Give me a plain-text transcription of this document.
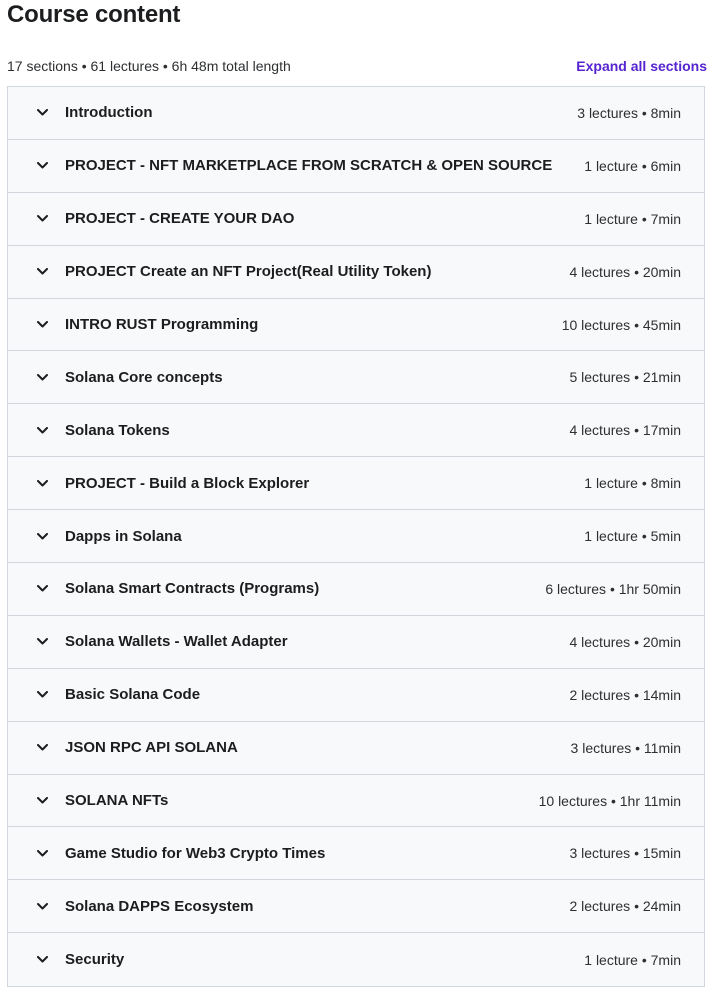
Course content
17 sections • 61 lectures • 6h 48m total length	Expand all sections
Introduction	3 lectures • 8min
PROJECT - NFT MARKETPLACE FROM SCRATCH & OPEN SOURCE	1 lecture • 6min
PROJECT - CREATE YOUR DAO	1 lecture • 7min
PROJECT Create an NFT Project(Real Utility Token)	4 lectures • 20min
INTRO RUST Programming	10 lectures • 45min
Solana Core concepts	5 lectures • 21min
Solana Tokens	4 lectures • 17min
PROJECT - Build a Block Explorer	1 lecture • 8min
Dapps in Solana	1 lecture • 5min
Solana Smart Contracts (Programs)	6 lectures • 1hr 50min
Solana Wallets - Wallet Adapter	4 lectures • 20min
Basic Solana Code	2 lectures • 14min
JSON RPC API SOLANA	3 lectures • 11min
SOLANA NFTs	10 lectures • 1hr 11min
Game Studio for Web3 Crypto Times	3 lectures • 15min
Solana DAPPS Ecosystem	2 lectures • 24min
Security	1 lecture • 7min
